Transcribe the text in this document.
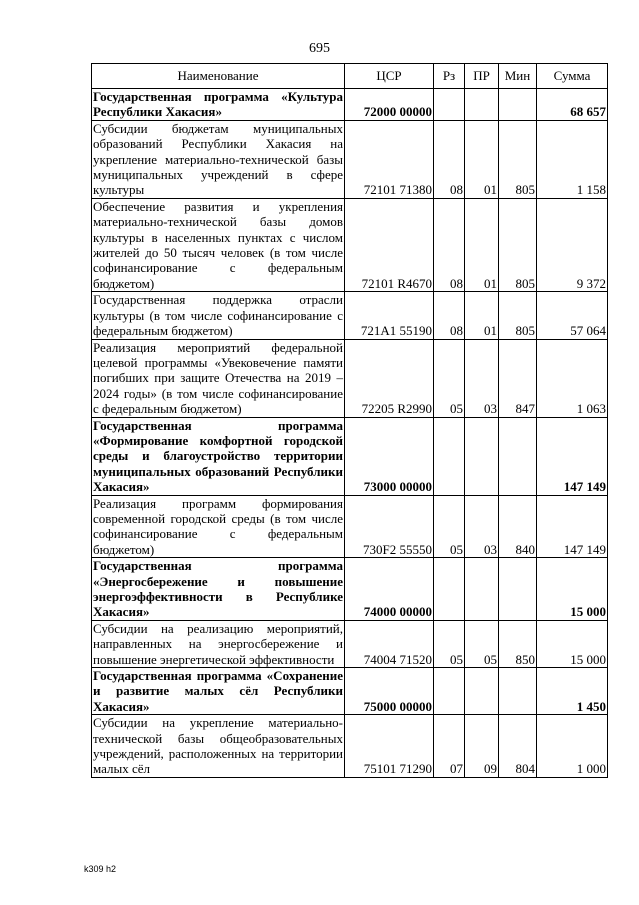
695
Наименование	ЦСР	Рз	ПР	Мин	Сумма
Государственная программа «Культура Республики Хакасия»	72000 00000				68 657
Субсидии бюджетам муниципальных образований Республики Хакасия на укрепление материально-технической базы муниципальных учреждений в сфере культуры	72101 71380	08	01	805	1 158
Обеспечение развития и укрепления материально-технической базы домов культуры в населенных пунктах с числом жителей до 50 тысяч человек (в том числе софинансирование с федеральным бюджетом)	72101 R4670	08	01	805	9 372
Государственная поддержка отрасли культуры (в том числе софинансирование с федеральным бюджетом)	721A1 55190	08	01	805	57 064
Реализация мероприятий федеральной целевой программы «Увековечение памяти погибших при защите Отечества на 2019 – 2024 годы» (в том числе софинансирование с федеральным бюджетом)	72205 R2990	05	03	847	1 063
Государственная программа «Формирование комфортной городской среды и благоустройство территории муниципальных образований Республики Хакасия»	73000 00000				147 149
Реализация программ формирования современной городской среды (в том числе софинансирование с федеральным бюджетом)	730F2 55550	05	03	840	147 149
Государственная программа «Энергосбережение и повышение энергоэффективности в Республике Хакасия»	74000 00000				15 000
Субсидии на реализацию мероприятий, направленных на энергосбережение и повышение энергетической эффективности	74004 71520	05	05	850	15 000
Государственная программа «Сохранение и развитие малых сёл Республики Хакасия»	75000 00000				1 450
Субсидии на укрепление материально-технической базы общеобразовательных учреждений, расположенных на территории малых сёл	75101 71290	07	09	804	1 000
k309 h2
